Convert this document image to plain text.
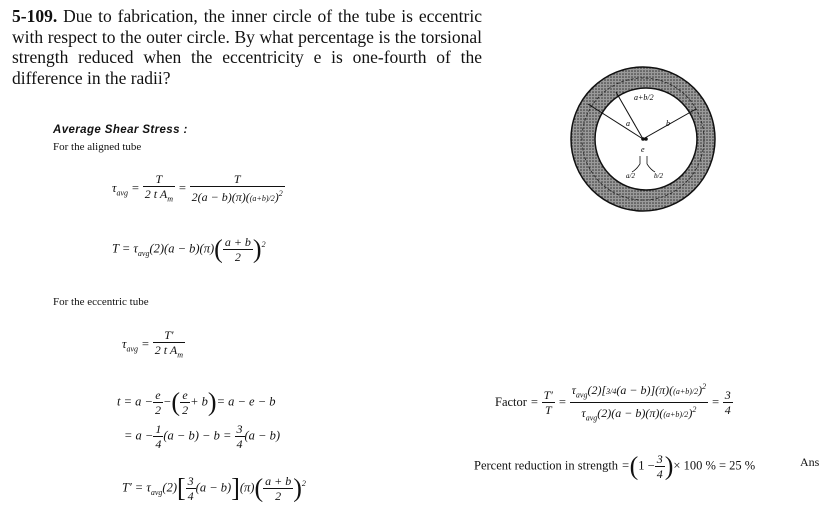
5-109. Due to fabrication, the inner circle of the tube is eccentric with respect to the outer circle. By what percentage is the torsional strength reduced when the eccentricity e is one-fourth of the difference in the radii?
a+b/2
a	b
e
a/2	b/2
Average Shear Stress :
For the aligned tube
$\tau_{avg} = \frac{T}{2 t A_m} = \frac{T}{2(a - b)(\pi)((a+b)/2)^2}$
$T = \tau_{avg}(2)(a - b)(\pi)( \frac{a + b}{2} )^2$
For the eccentric tube
$\tau_{avg} = \frac{T'}{2 t A_m}$
$t = a - \frac{e}{2}$ −( $\frac{e}{2} + b)= a - e - b$
= $a - \frac{1}{4} (a - b) - b = \frac{3}{4} (a - b)$
$T' = \tau_{avg}(2)[ \frac{3}{4} (a - b)](\pi)( \frac{a + b}{2} )^2$
Factor = $\frac{T'}{T} = \frac{\tau_{avg}(2)[3/4(a - b)](\pi)((a+b)/2)^2}{\tau_{avg}(2)(a - b)(\pi)((a+b)/2)^2} = \frac{3}{4}$
Percent reduction in strength $=(1 - \frac{3}{4}$ )× 100 % = 25 %	Ans
